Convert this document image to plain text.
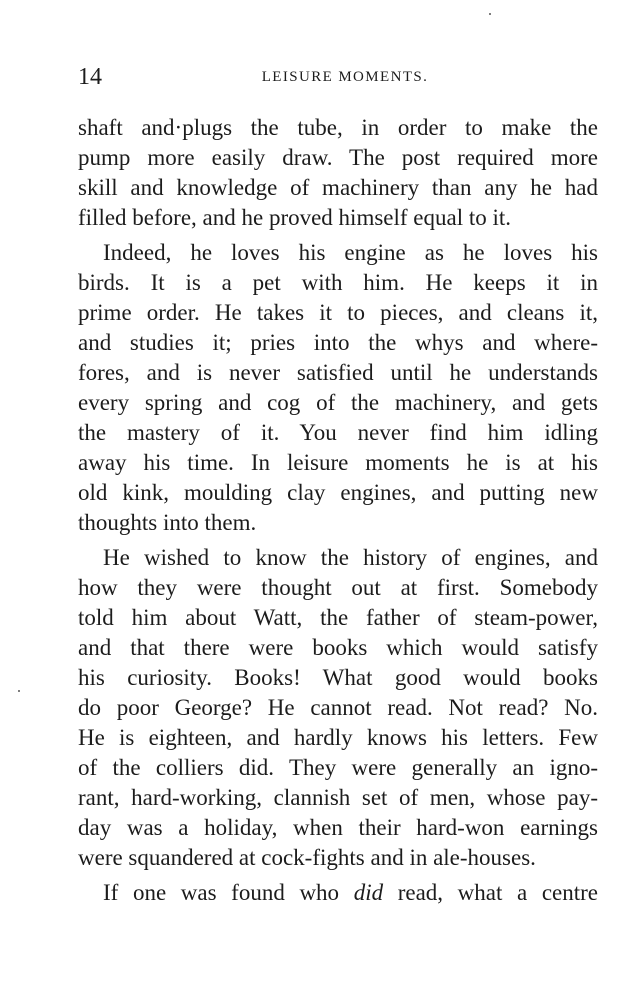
14	LEISURE MOMENTS.
shaft and·plugs the tube, in order to make the
pump more easily draw. The post required more
skill and knowledge of machinery than any he had
filled before, and he proved himself equal to it.
Indeed, he loves his engine as he loves his
birds. It is a pet with him. He keeps it in
prime order. He takes it to pieces, and cleans it,
and studies it; pries into the whys and where-
fores, and is never satisfied until he understands
every spring and cog of the machinery, and gets
the mastery of it. You never find him idling
away his time. In leisure moments he is at his
old kink, moulding clay engines, and putting new
thoughts into them.
He wished to know the history of engines, and
how they were thought out at first. Somebody
told him about Watt, the father of steam-power,
and that there were books which would satisfy
his curiosity. Books! What good would books
do poor George? He cannot read. Not read? No.
He is eighteen, and hardly knows his letters. Few
of the colliers did. They were generally an igno-
rant, hard-working, clannish set of men, whose pay-
day was a holiday, when their hard-won earnings
were squandered at cock-fights and in ale-houses.
If one was found who did read, what a centre
